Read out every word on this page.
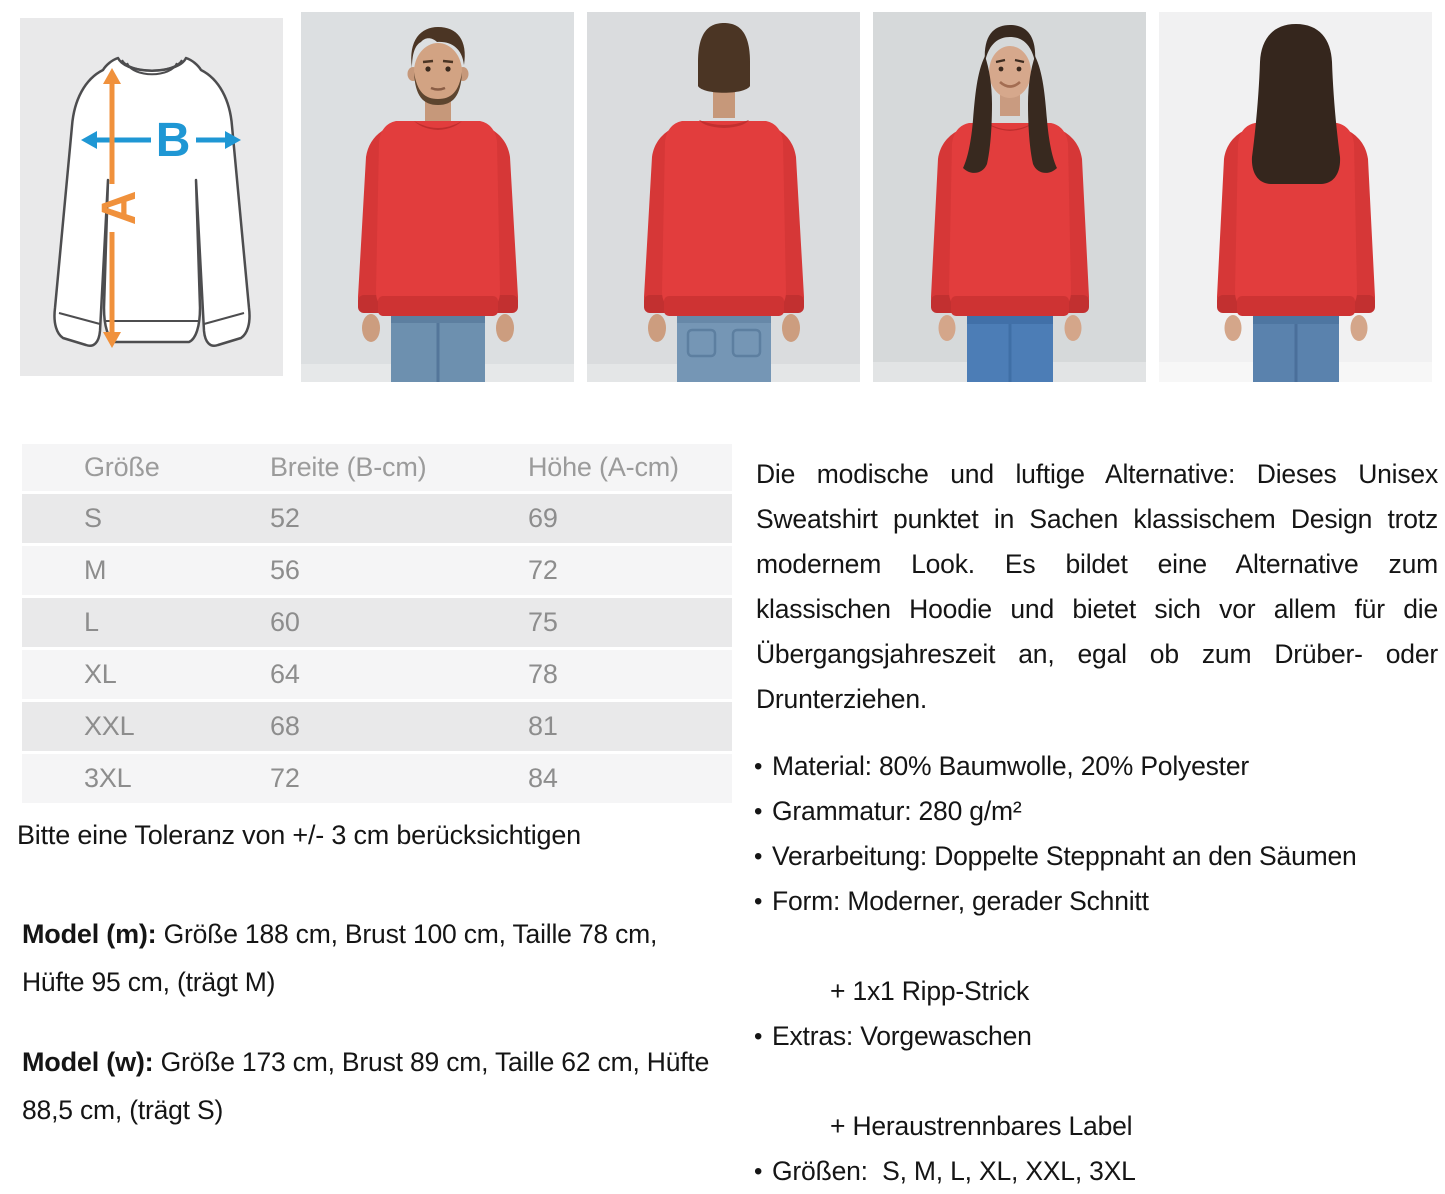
B
A
Größe	Breite (B-cm)	Höhe (A-cm)
S	52	69
M	56	72
L	60	75
XL	64	78
XXL	68	81
3XL	72	84

Bitte eine Toleranz von +/- 3 cm berücksichtigen

Model (m): Größe 188 cm, Brust 100 cm, Taille 78 cm, Hüfte 95 cm, (trägt M)

Model (w): Größe 173 cm, Brust 89 cm, Taille 62 cm, Hüfte 88,5 cm, (trägt S)

Die modische und luftige Alternative: Dieses Unisex Sweatshirt punktet in Sachen klassischem Design trotz modernem Look. Es bildet eine Alternative zum klassischen Hoodie und bietet sich vor allem für die Übergangsjahreszeit an, egal ob zum Drüber- oder Drunterziehen.

• Material: 80% Baumwolle, 20% Polyester
• Grammatur: 280 g/m²
• Verarbeitung: Doppelte Steppnaht an den Säumen
• Form: Moderner, gerader Schnitt

+ 1x1 Ripp-Strick
• Extras: Vorgewaschen

+ Heraustrennbares Label
• Größen:  S, M, L, XL, XXL, 3XL
